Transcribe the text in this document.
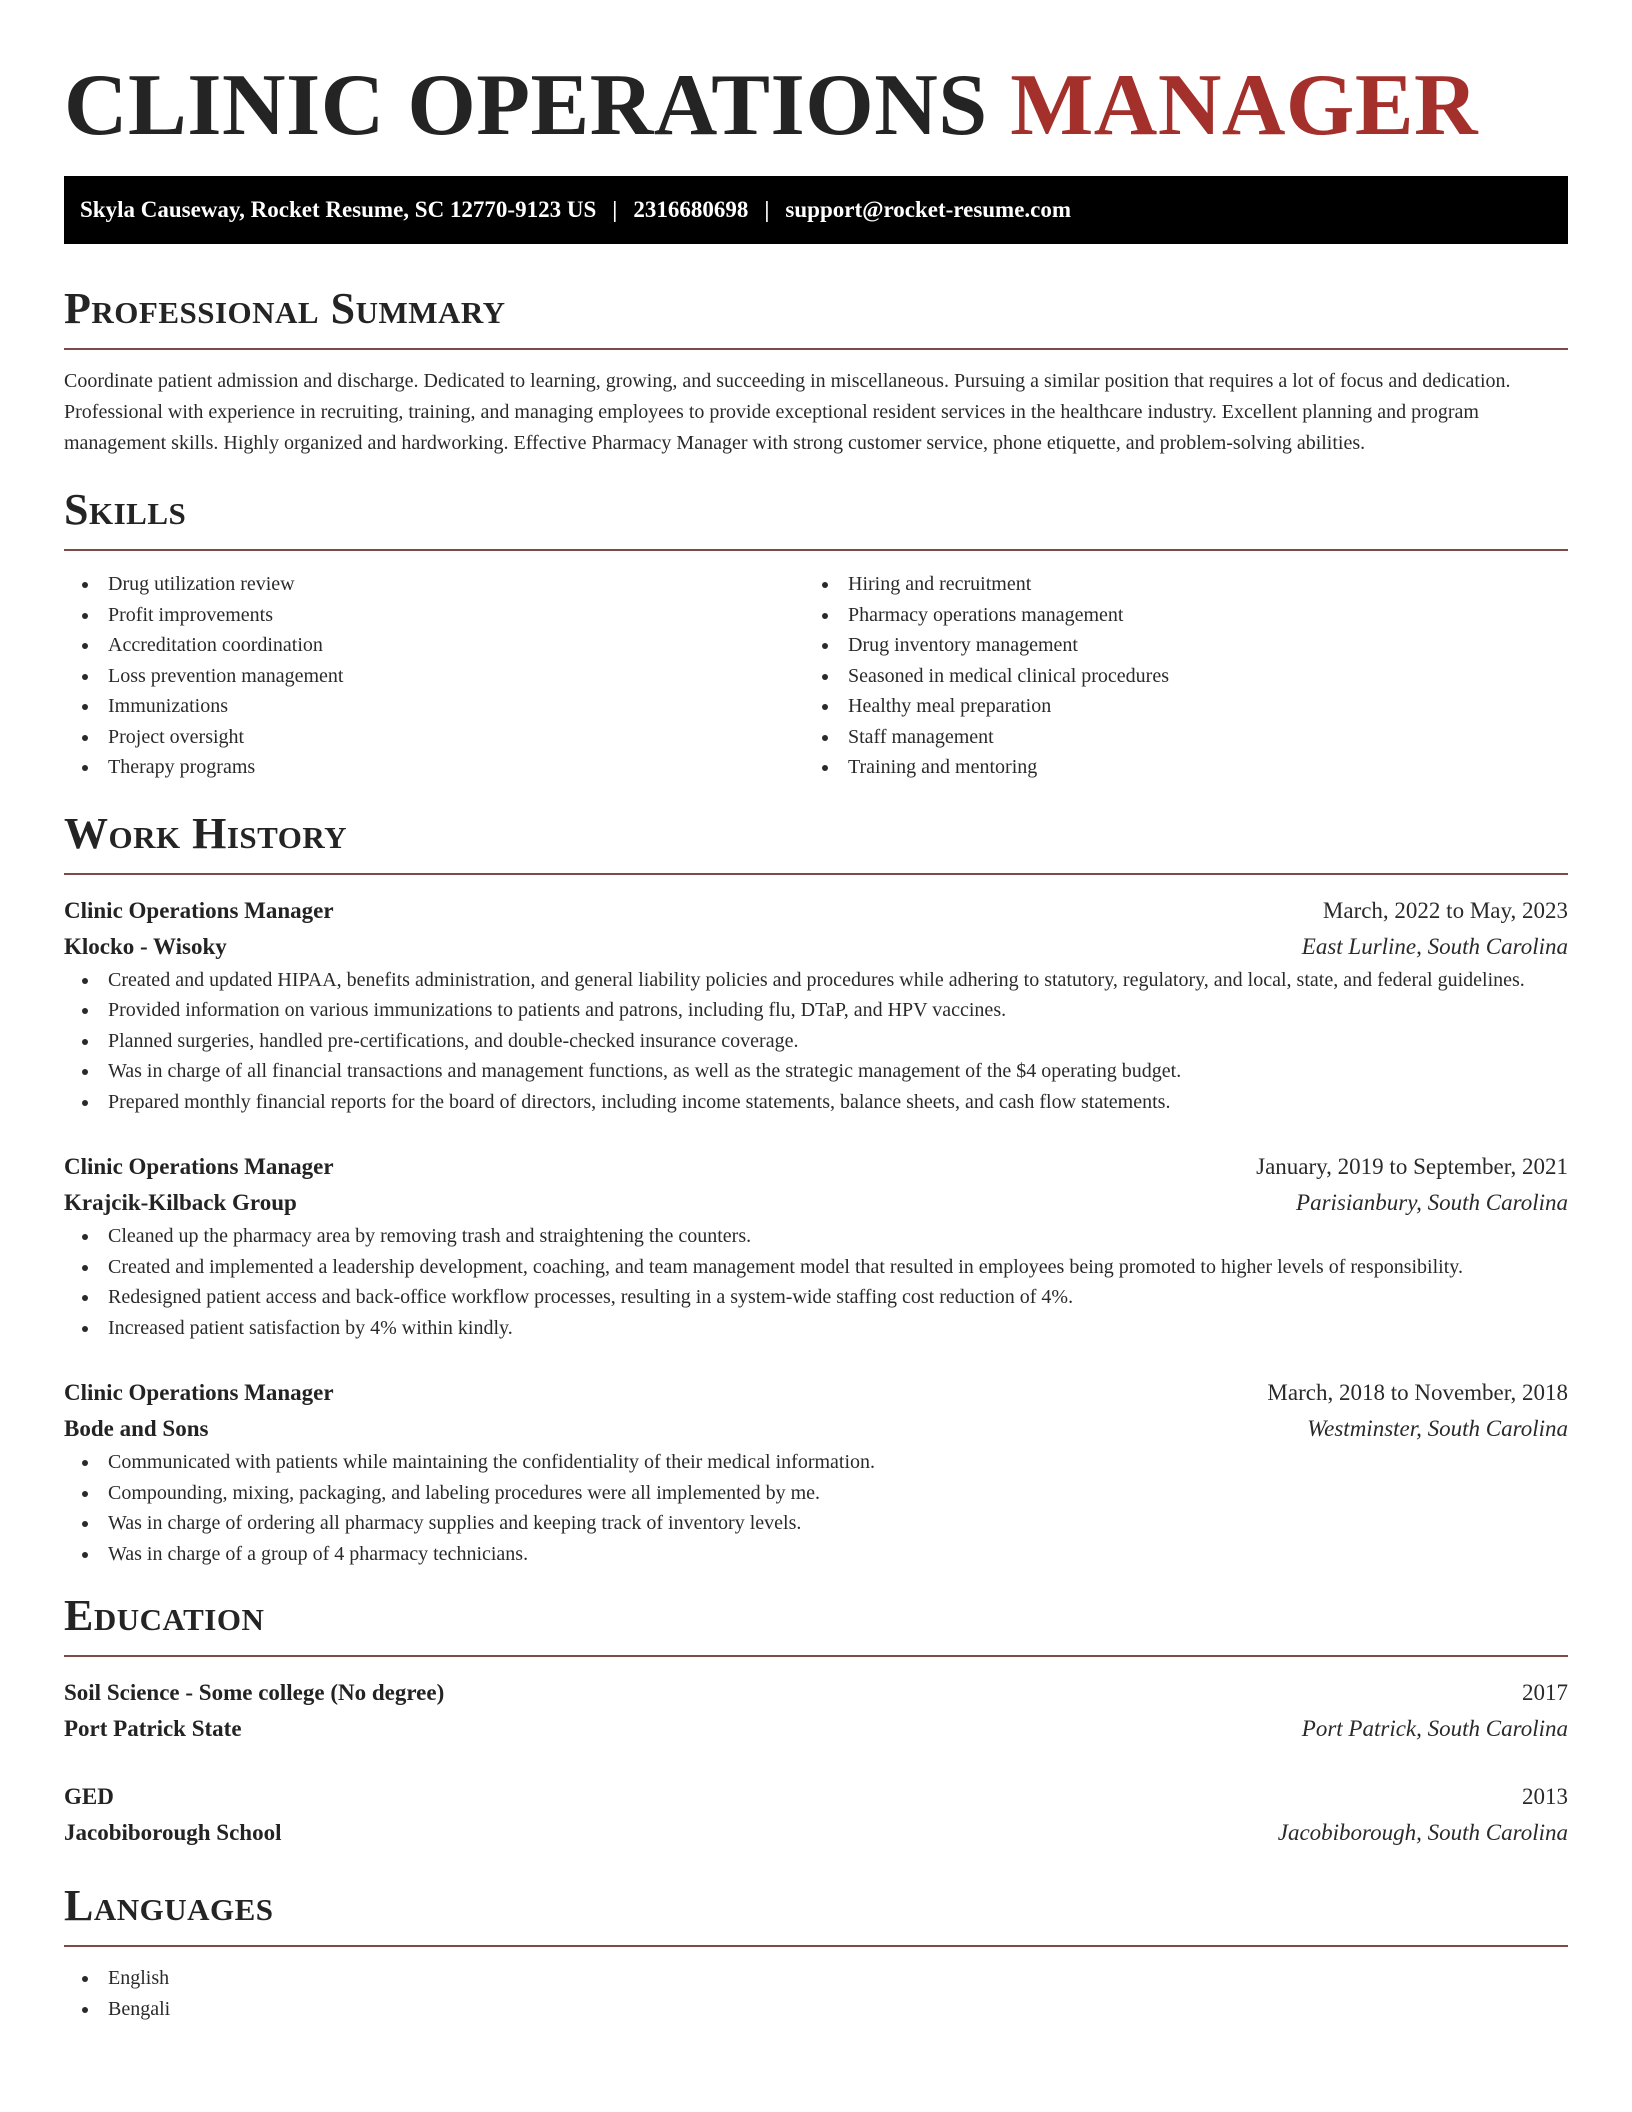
CLINIC OPERATIONS MANAGER
Skyla Causeway, Rocket Resume, SC 12770-9123 US | 2316680698 | support@rocket-resume.com
Professional Summary

Coordinate patient admission and discharge. Dedicated to learning, growing, and succeeding in miscellaneous. Pursuing a similar position that requires a lot of focus and dedication. Professional with experience in recruiting, training, and managing employees to provide exceptional resident services in the healthcare industry. Excellent planning and program management skills. Highly organized and hardworking. Effective Pharmacy Manager with strong customer service, phone etiquette, and problem-solving abilities.

Skills
Drug utilization review
Profit improvements
Accreditation coordination
Loss prevention management
Immunizations
Project oversight
Therapy programs
Hiring and recruitment
Pharmacy operations management
Drug inventory management
Seasoned in medical clinical procedures
Healthy meal preparation
Staff management
Training and mentoring
Work History
Clinic Operations Manager	March, 2022 to May, 2023
Klocko - Wisoky	East Lurline, South Carolina
Created and updated HIPAA, benefits administration, and general liability policies and procedures while adhering to statutory, regulatory, and local, state, and federal guidelines.
Provided information on various immunizations to patients and patrons, including flu, DTaP, and HPV vaccines.
Planned surgeries, handled pre-certifications, and double-checked insurance coverage.
Was in charge of all financial transactions and management functions, as well as the strategic management of the $4 operating budget.
Prepared monthly financial reports for the board of directors, including income statements, balance sheets, and cash flow statements.
Clinic Operations Manager	January, 2019 to September, 2021
Krajcik-Kilback Group	Parisianbury, South Carolina
Cleaned up the pharmacy area by removing trash and straightening the counters.
Created and implemented a leadership development, coaching, and team management model that resulted in employees being promoted to higher levels of responsibility.
Redesigned patient access and back-office workflow processes, resulting in a system-wide staffing cost reduction of 4%.
Increased patient satisfaction by 4% within kindly.
Clinic Operations Manager	March, 2018 to November, 2018
Bode and Sons	Westminster, South Carolina
Communicated with patients while maintaining the confidentiality of their medical information.
Compounding, mixing, packaging, and labeling procedures were all implemented by me.
Was in charge of ordering all pharmacy supplies and keeping track of inventory levels.
Was in charge of a group of 4 pharmacy technicians.
Education
Soil Science - Some college (No degree)	2017
Port Patrick State	Port Patrick, South Carolina
GED	2013
Jacobiborough School	Jacobiborough, South Carolina
Languages
English
Bengali
